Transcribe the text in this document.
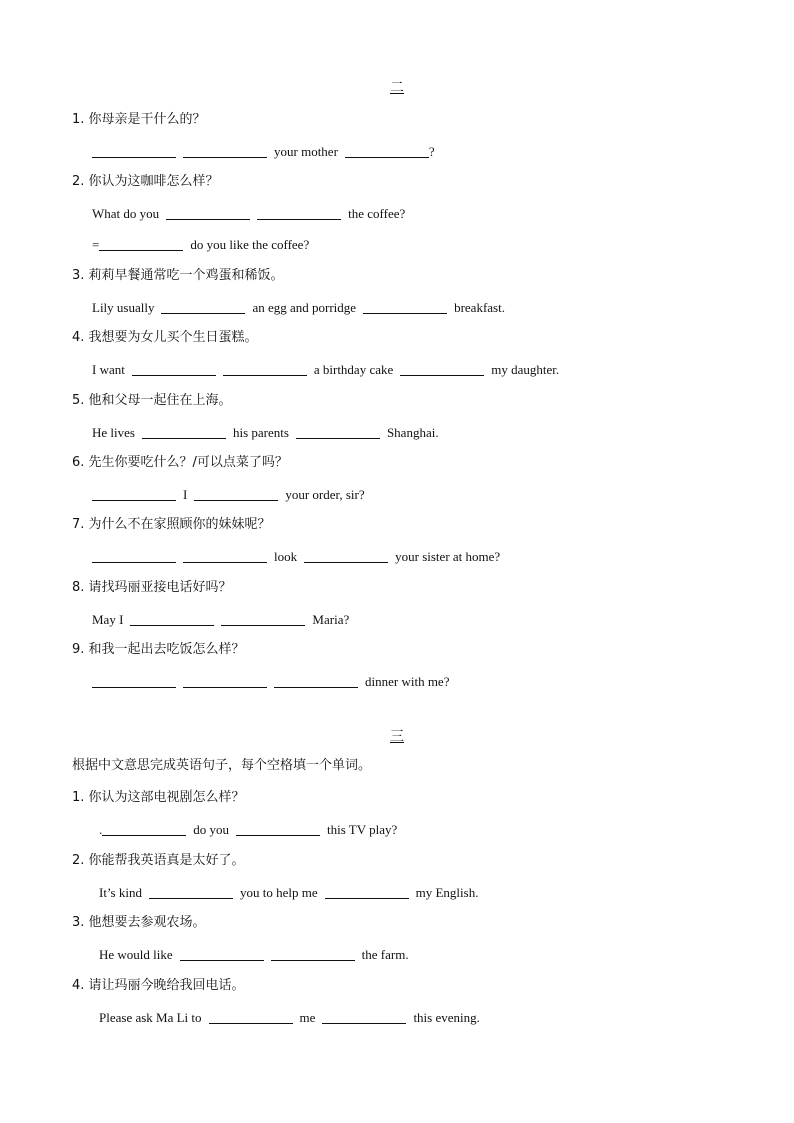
二
1. 你母亲是干什么的？
your mother	?
2. 你认为这咖啡怎么样？
What do you	the coffee?
=	do you like the coffee?
3. 莉莉早餐通常吃一个鸡蛋和稀饭。
Lily usually	an egg and porridge	breakfast.
4. 我想要为女儿买个生日蛋糕。
I want	a birthday cake	my daughter.
5. 他和父母一起住在上海。
He lives	his parents	Shanghai.
6. 先生你要吃什么？/可以点菜了吗？
I	your order, sir?
7. 为什么不在家照顾你的妹妹呢？
look	your sister at home?
8. 请找玛丽亚接电话好吗？
May I	Maria?
9. 和我一起出去吃饭怎么样？
dinner with me?
三
根据中文意思完成英语句子，每个空格填一个单词。
1. 你认为这部电视剧怎么样？
.	do you	this TV play?
2. 你能帮我英语真是太好了。
It’s kind	you to help me	my English.
3. 他想要去参观农场。
He would like	the farm.
4. 请让玛丽今晚给我回电话。
Please ask Ma Li to	me	this evening.
